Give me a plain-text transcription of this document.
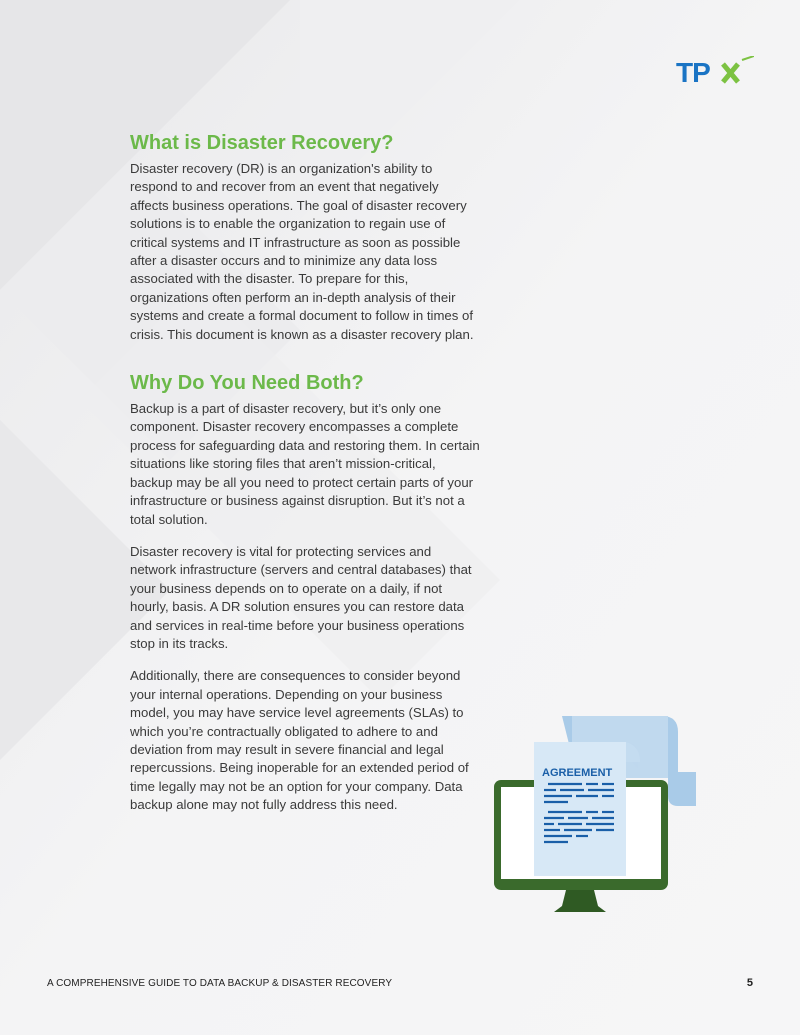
TP
What is Disaster Recovery?

Disaster recovery (DR) is an organization's ability to respond to and recover from an event that negatively affects business operations. The goal of disaster recovery solutions is to enable the organization to regain use of critical systems and IT infrastructure as soon as possible after a disaster occurs and to minimize any data loss associated with the disaster. To prepare for this, organizations often perform an in-depth analysis of their systems and create a formal document to follow in times of crisis. This document is known as a disaster recovery plan.

Why Do You Need Both?

Backup is a part of disaster recovery, but it’s only one component. Disaster recovery encompasses a complete process for safeguarding data and restoring them. In certain situations like storing files that aren’t mission-critical, backup may be all you need to protect certain parts of your infrastructure or business against disruption. But it’s not a total solution.

Disaster recovery is vital for protecting services and network infrastructure (servers and central databases) that your business depends on to operate on a daily, if not hourly, basis. A DR solution ensures you can restore data and services in real-time before your business operations stop in its tracks.

Additionally, there are consequences to consider beyond your internal operations. Depending on your business model, you may have service level agreements (SLAs) to which you’re contractually obligated to adhere to and deviation from may result in severe financial and legal repercussions. Being inoperable for an extended period of time legally may not be an option for your company. Data backup alone may not fully address this need.

AGREEMENT
A COMPREHENSIVE GUIDE TO DATA BACKUP & DISASTER RECOVERY	5
